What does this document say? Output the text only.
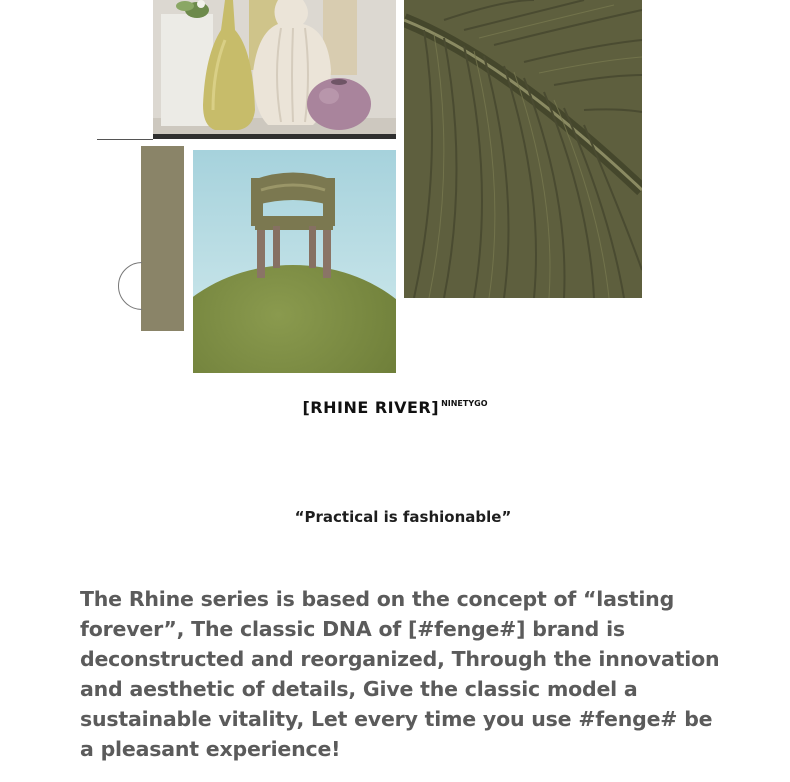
[RHINE RIVER] $^{NINETYGO}$
“Practical is fashionable”
The Rhine series is based on the concept of “lasting forever”, The classic DNA of [#fenge#] brand is deconstructed and reorganized, Through the innovation and aesthetic of details, Give the classic model a sustainable vitality, Let every time you use #fenge# be a pleasant experience!
